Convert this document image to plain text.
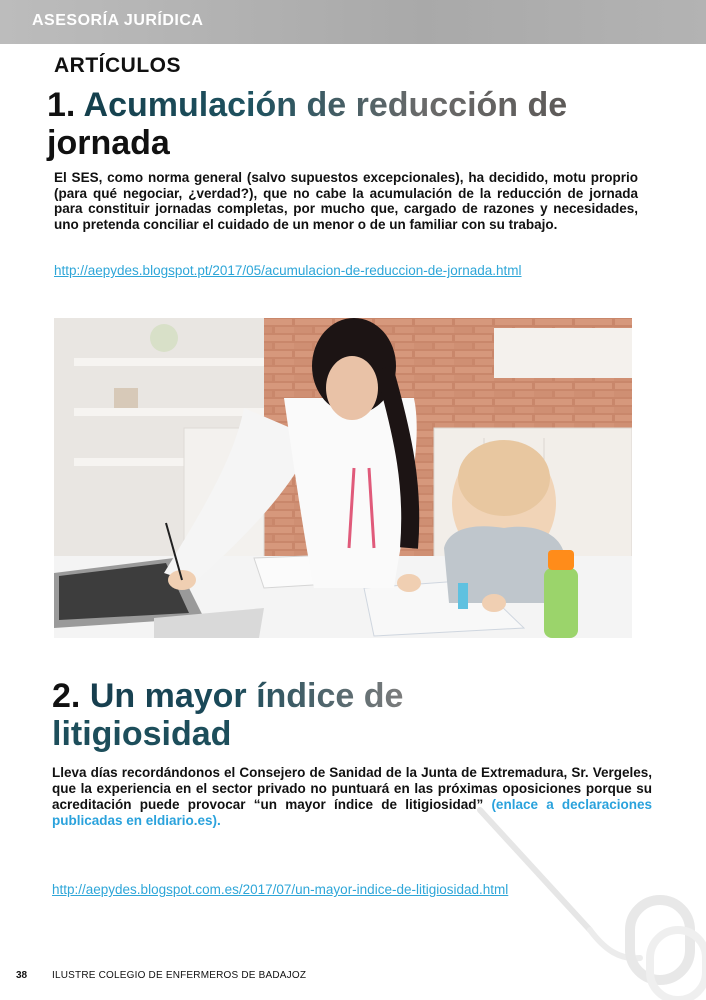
ASESORÍA JURÍDICA
ARTÍCULOS
1. Acumulación de reducción de
jornada
El SES, como norma general (salvo supuestos excepcionales), ha decidido, motu proprio (para qué negociar, ¿verdad?), que no cabe la acumulación de la reducción de jornada para constituir jornadas completas, por mucho que, cargado de razones y necesidades, uno pretenda conciliar el cuidado de un menor o de un familiar con su trabajo.
http://aepydes.blogspot.pt/2017/05/acumulacion-de-reduccion-de-jornada.html
2. Un mayor índice de
litigiosidad
Lleva días recordándonos el Consejero de Sanidad de la Junta de Extremadura, Sr. Vergeles, que la experiencia en el sector privado no puntuará en las próximas oposiciones porque su acreditación puede provocar “un mayor índice de litigiosidad” (enlace a declaraciones publicadas en eldiario.es).
http://aepydes.blogspot.com.es/2017/07/un-mayor-indice-de-litigiosidad.html
38 ILUSTRE COLEGIO DE ENFERMEROS DE BADAJOZ
